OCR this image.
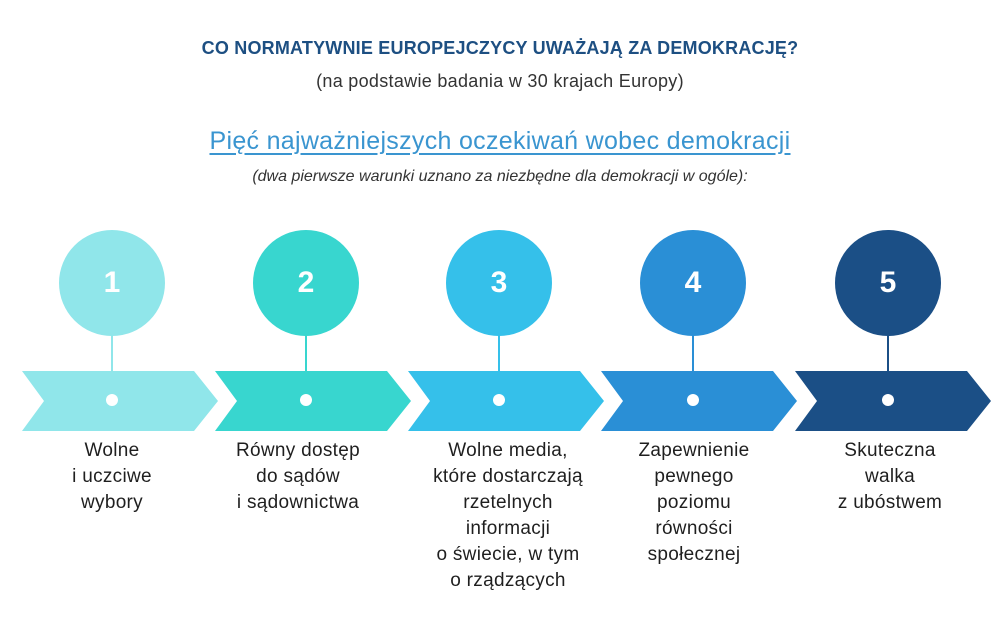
CO NORMATYWNIE EUROPEJCZYCY UWAŻAJĄ ZA DEMOKRACJĘ?
(na podstawie badania w 30 krajach Europy)
Pięć najważniejszych oczekiwań wobec demokracji
(dwa pierwsze warunki uznano za niezbędne dla demokracji w ogóle):
1
Wolne
i uczciwe
wybory
2
Równy dostęp
do sądów
i sądownictwa
3
Wolne media,
które dostarczają
rzetelnych
informacji
o świecie, w tym
o rządzących
4
Zapewnienie
pewnego
poziomu
równości
społecznej
5
Skuteczna
walka
z ubóstwem
